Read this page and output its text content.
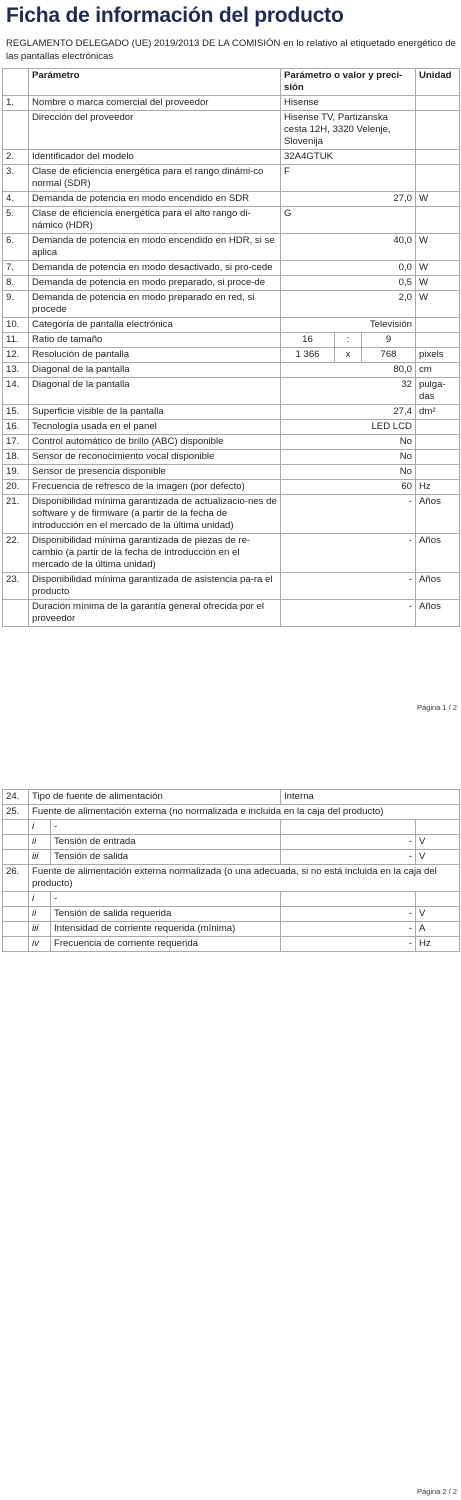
Ficha de información del producto
REGLAMENTO DELEGADO (UE) 2019/2013 DE LA COMISIÓN en lo relativo al etiquetado energético de las pantallas electrónicas
	Parámetro	Parámetro o valor y preci-sión	Unidad
1.	Nombre o marca comercial del proveedor	Hisense	
	Dirección del proveedor	Hisense TV, Partizanska cesta 12H, 3320 Velenje, Slovenija	
2.	Identificador del modelo	32A4GTUK	
3.	Clase de eficiencia energética para el rango dinámi-co normal (SDR)	F	
4.	Demanda de potencia en modo encendido en SDR	27,0	W
5.	Clase de eficiencia energética para el alto rango di-námico (HDR)	G	
6.	Demanda de potencia en modo encendido en HDR, si se aplica	40,0	W
7.	Demanda de potencia en modo desactivado, si pro-cede	0,0	W
8.	Demanda de potencia en modo preparado, si proce-de	0,5	W
9.	Demanda de potencia en modo preparado en red, si procede	2,0	W
10.	Categoría de pantalla electrónica	Televisión	
11.	Ratio de tamaño	16 : 9	

12.	Resolución de pantalla	1 366 x 768	pixels
13.	Diagonal de la pantalla	80,0	cm
14.	Diagonal de la pantalla	32	pulga-das
15.	Superficie visible de la pantalla	27,4	dm²
16.	Tecnología usada en el panel	LED LCD	
17.	Control automático de brillo (ABC) disponible	No	
18.	Sensor de reconocimiento vocal disponible	No	
19.	Sensor de presencia disponible	No	
20.	Frecuencia de refresco de la imagen (por defecto)	60	Hz
21.	Disponibilidad mínima garantizada de actualizacio-nes de software y de firmware (a partir de la fecha de introducción en el mercado de la última unidad)	-	Años
22.	Disponibilidad mínima garantizada de piezas de re-cambio (a partir de la fecha de introducción en el mercado de la última unidad)	-	Años
23.	Disponibilidad mínima garantizada de asistencia pa-ra el producto	-	Años
	Duración mínima de la garantía general ofrecida por el proveedor	-	Años
Página 1 / 2
24.	Tipo de fuente de alimentación		Interna	
25.	Fuente de alimentación externa (no normalizada e incluida en la caja del producto)			
	i	-		
	ii	Tensión de entrada	-	V
	iii	Tensión de salida	-	V
26.	Fuente de alimentación externa normalizada (o una adecuada, si no está incluida en la caja del producto)			
	i	-		
	ii	Tensión de salida requerida	-	V
	iii	Intensidad de corriente requerida (mínima)	-	A
	iv	Frecuencia de corriente requerida	-	Hz
Página 2 / 2
